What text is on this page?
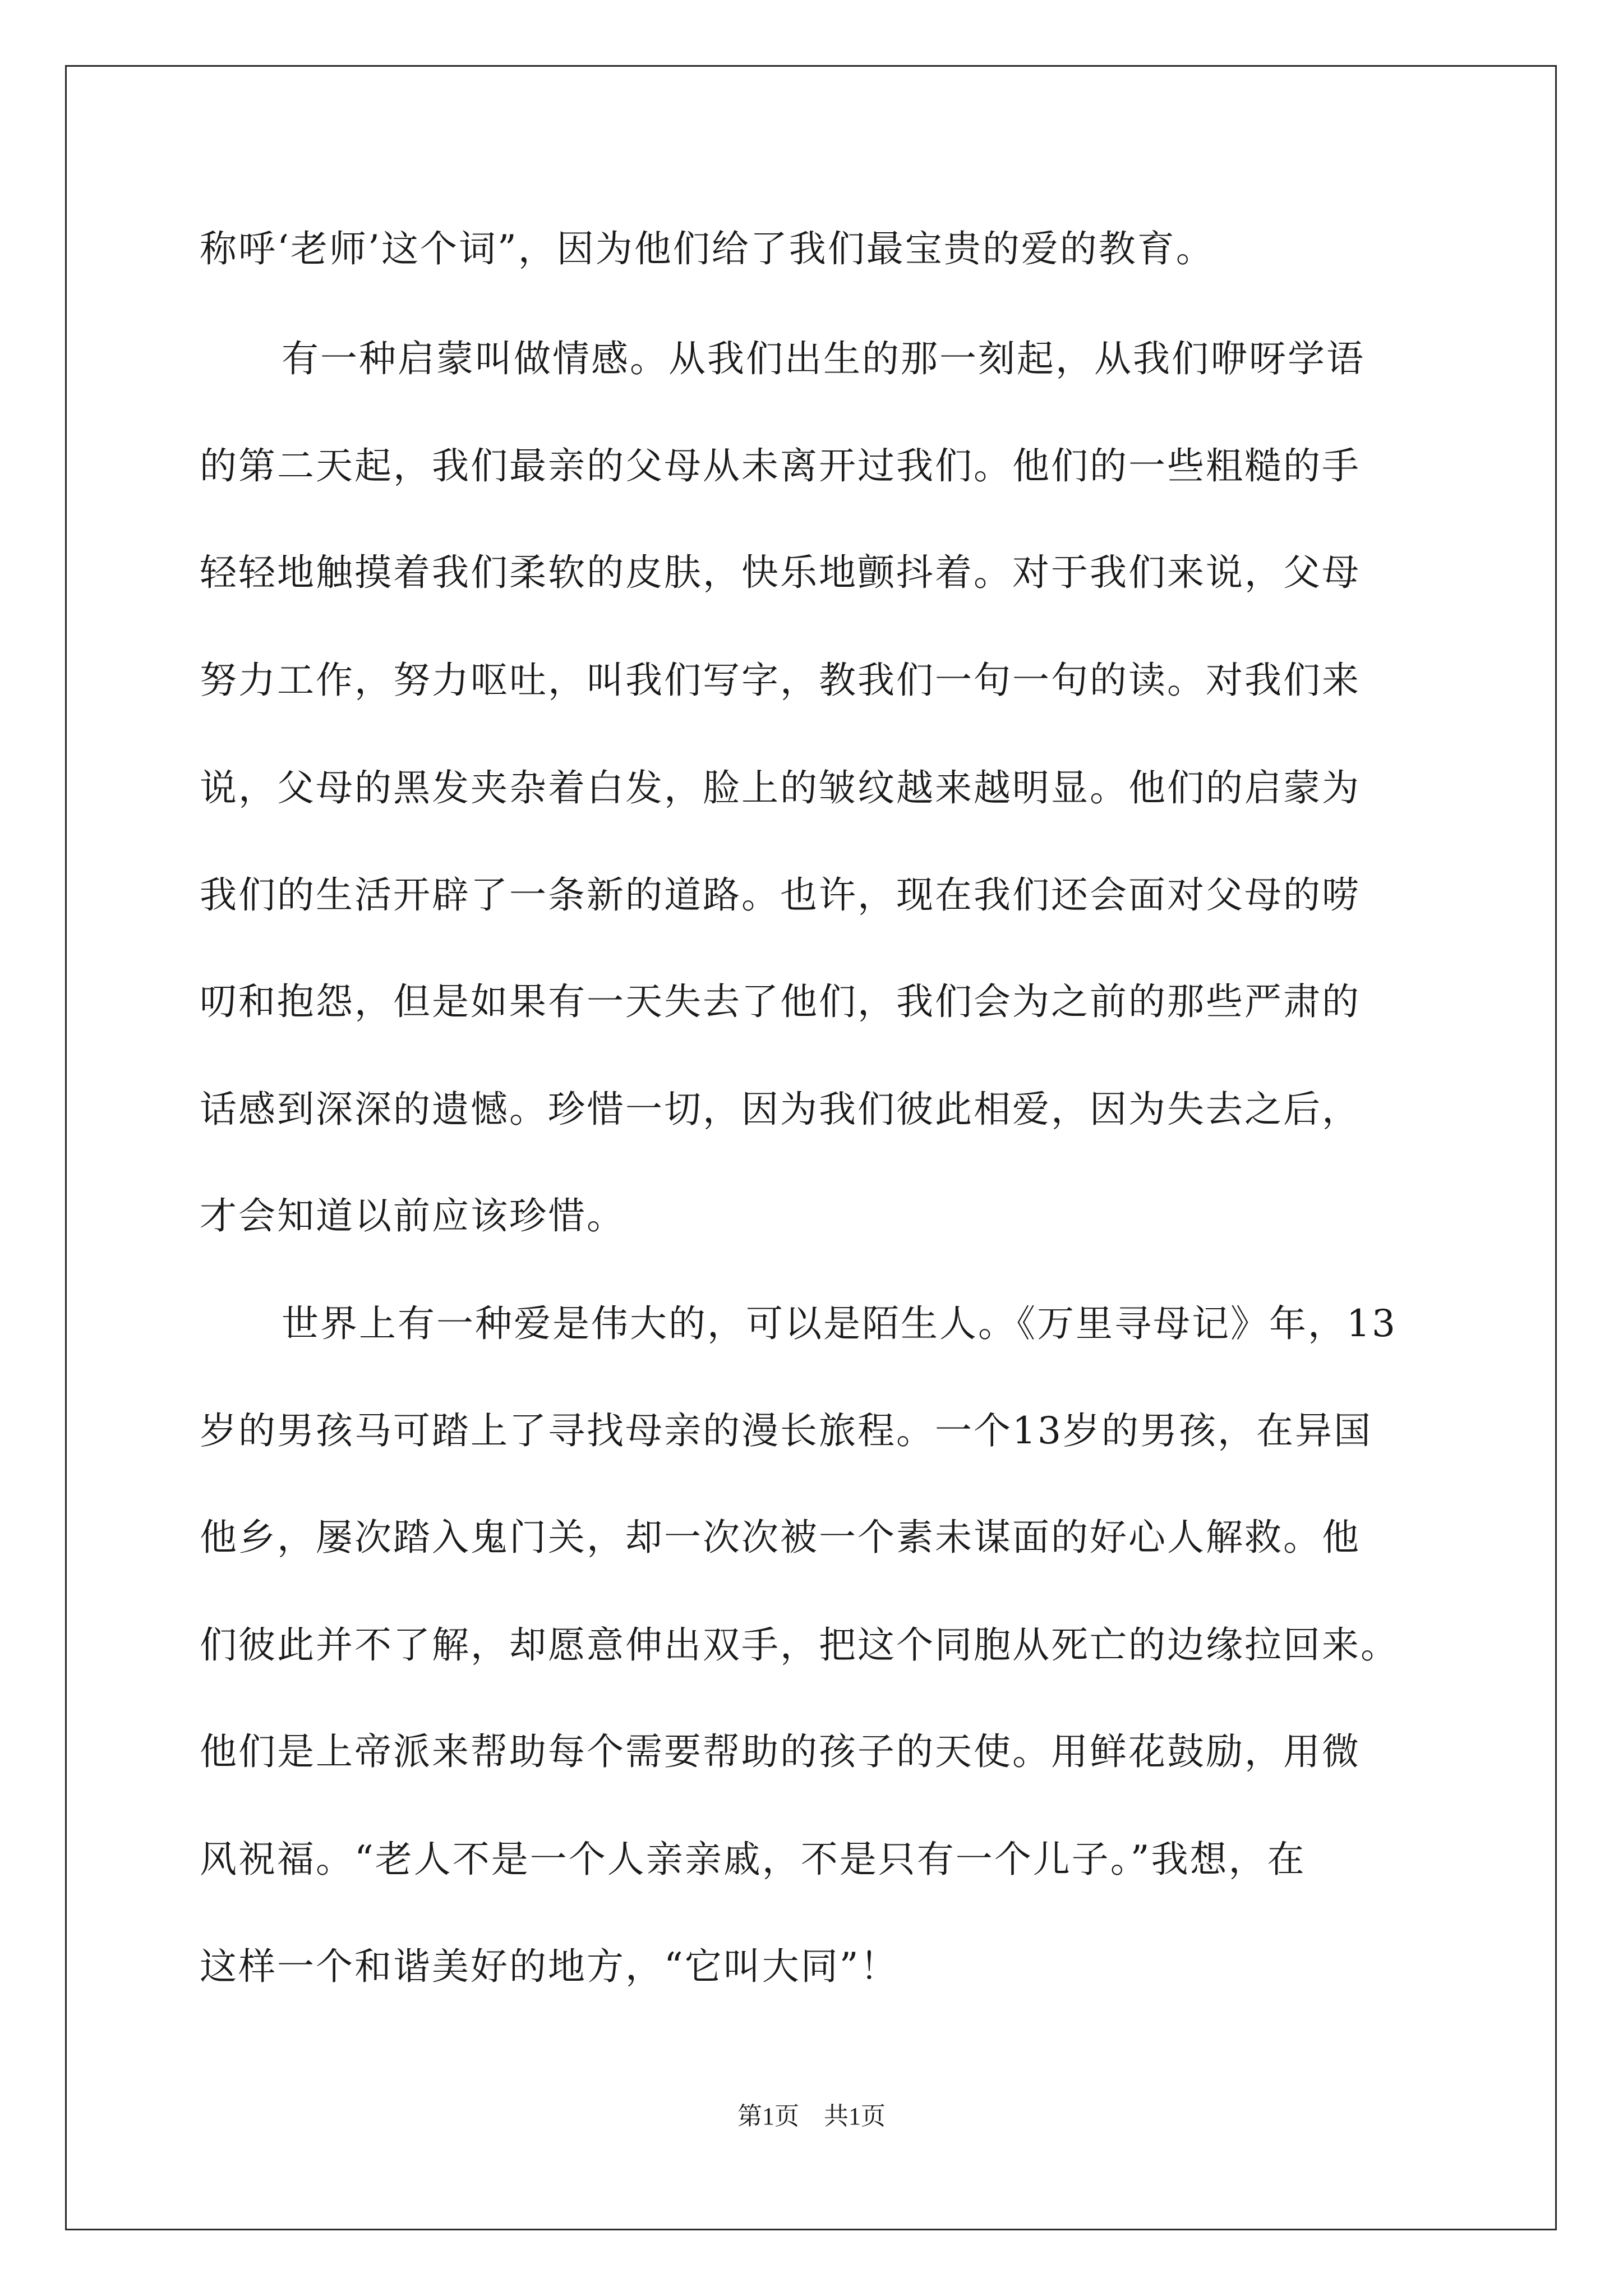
称呼‘老师’这个词”，因为他们给了我们最宝贵的爱的教育。
有一种启蒙叫做情感。从我们出生的那一刻起，从我们咿呀学语
的第二天起，我们最亲的父母从未离开过我们。他们的一些粗糙的手
轻轻地触摸着我们柔软的皮肤，快乐地颤抖着。对于我们来说，父母
努力工作，努力呕吐，叫我们写字，教我们一句一句的读。对我们来
说，父母的黑发夹杂着白发，脸上的皱纹越来越明显。他们的启蒙为
我们的生活开辟了一条新的道路。也许，现在我们还会面对父母的唠
叨和抱怨，但是如果有一天失去了他们，我们会为之前的那些严肃的
话感到深深的遗憾。珍惜一切，因为我们彼此相爱，因为失去之后，
才会知道以前应该珍惜。
世界上有一种爱是伟大的，可以是陌生人。《万里寻母记》年，13
岁的男孩马可踏上了寻找母亲的漫长旅程。一个13岁的男孩，在异国
他乡，屡次踏入鬼门关，却一次次被一个素未谋面的好心人解救。他
们彼此并不了解，却愿意伸出双手，把这个同胞从死亡的边缘拉回来。
他们是上帝派来帮助每个需要帮助的孩子的天使。用鲜花鼓励，用微
风祝福。“老人不是一个人亲亲戚，不是只有一个儿子。”我想，在
这样一个和谐美好的地方，“它叫大同”！
第1页 共1页
